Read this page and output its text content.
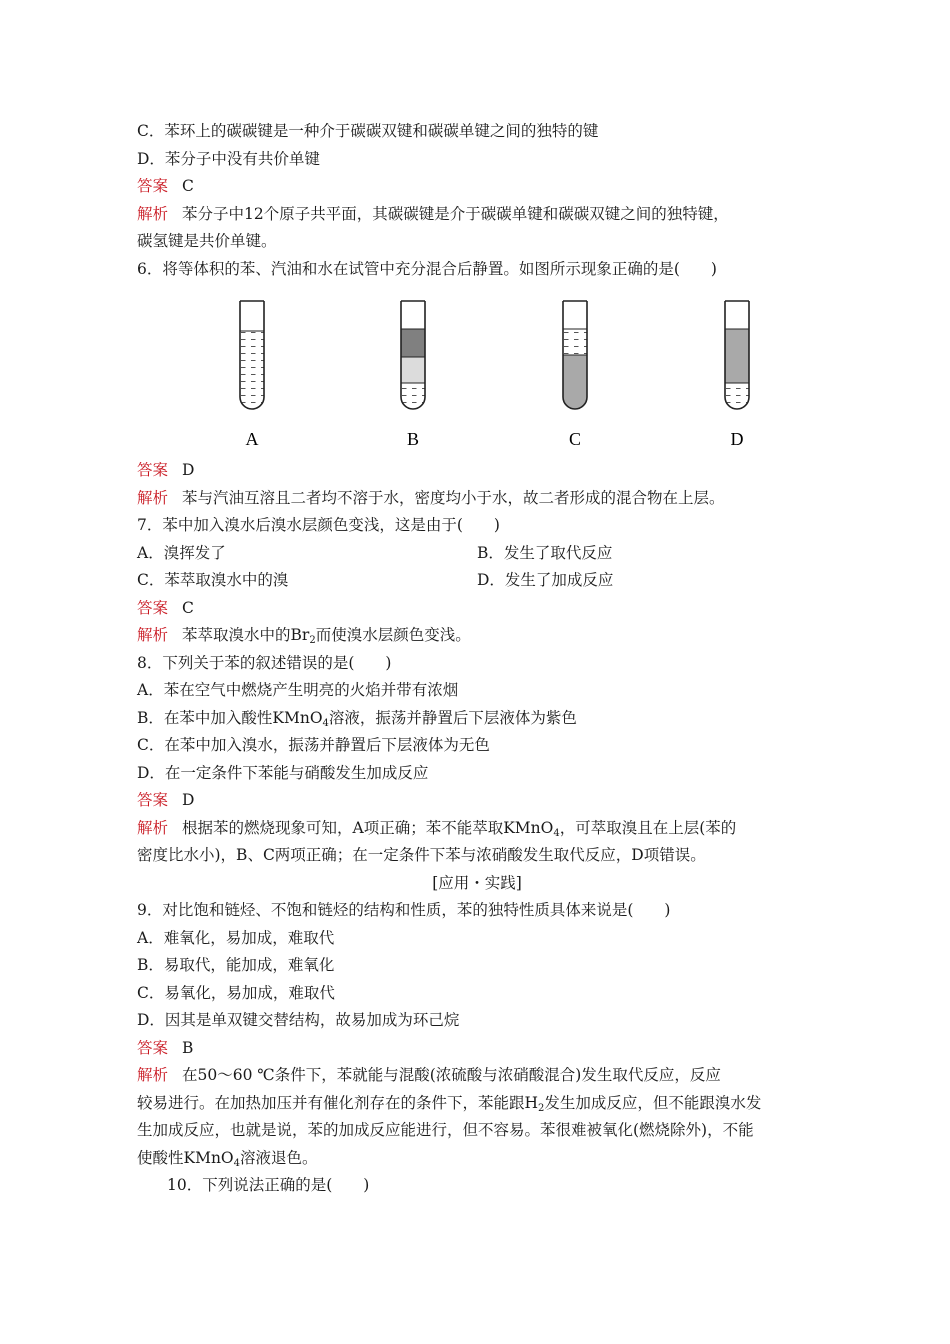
C．苯环上的碳碳键是一种介于碳碳双键和碳碳单键之间的独特的键
D．苯分子中没有共价单键
答案 C
解析 苯分子中12个原子共平面，其碳碳键是介于碳碳单键和碳碳双键之间的独特键，
碳氢键是共价单键。
6．将等体积的苯、汽油和水在试管中充分混合后静置。如图所示现象正确的是(　　)
A	B	C	D
答案 D
解析 苯与汽油互溶且二者均不溶于水，密度均小于水，故二者形成的混合物在上层。
7．苯中加入溴水后溴水层颜色变浅，这是由于(　　)
A．溴挥发了	B．发生了取代反应
C．苯萃取溴水中的溴	D．发生了加成反应
答案 C
解析 苯萃取溴水中的$Br_2$而使溴水层颜色变浅。
8．下列关于苯的叙述错误的是(　　)
A．苯在空气中燃烧产生明亮的火焰并带有浓烟
B．在苯中加入酸性KMnO$_4$溶液，振荡并静置后下层液体为紫色
C．在苯中加入溴水，振荡并静置后下层液体为无色
D．在一定条件下苯能与硝酸发生加成反应
答案 D
解析 根据苯的燃烧现象可知，A项正确；苯不能萃取KMnO$_4$，可萃取溴且在上层(苯的
密度比水小)，B、C两项正确；在一定条件下苯与浓硝酸发生取代反应，D项错误。
[应用・实践]
9．对比饱和链烃、不饱和链烃的结构和性质，苯的独特性质具体来说是(　　)
A．难氧化，易加成，难取代
B．易取代，能加成，难氧化
C．易氧化，易加成，难取代
D．因其是单双键交替结构，故易加成为环己烷
答案 B
解析 在50～60 ℃条件下，苯就能与混酸(浓硫酸与浓硝酸混合)发生取代反应，反应
较易进行。在加热加压并有催化剂存在的条件下，苯能跟$H_2$发生加成反应，但不能跟溴水发
生加成反应，也就是说，苯的加成反应能进行，但不容易。苯很难被氧化(燃烧除外)，不能
使酸性KMnO$_4$溶液退色。
10．下列说法正确的是(　　)
